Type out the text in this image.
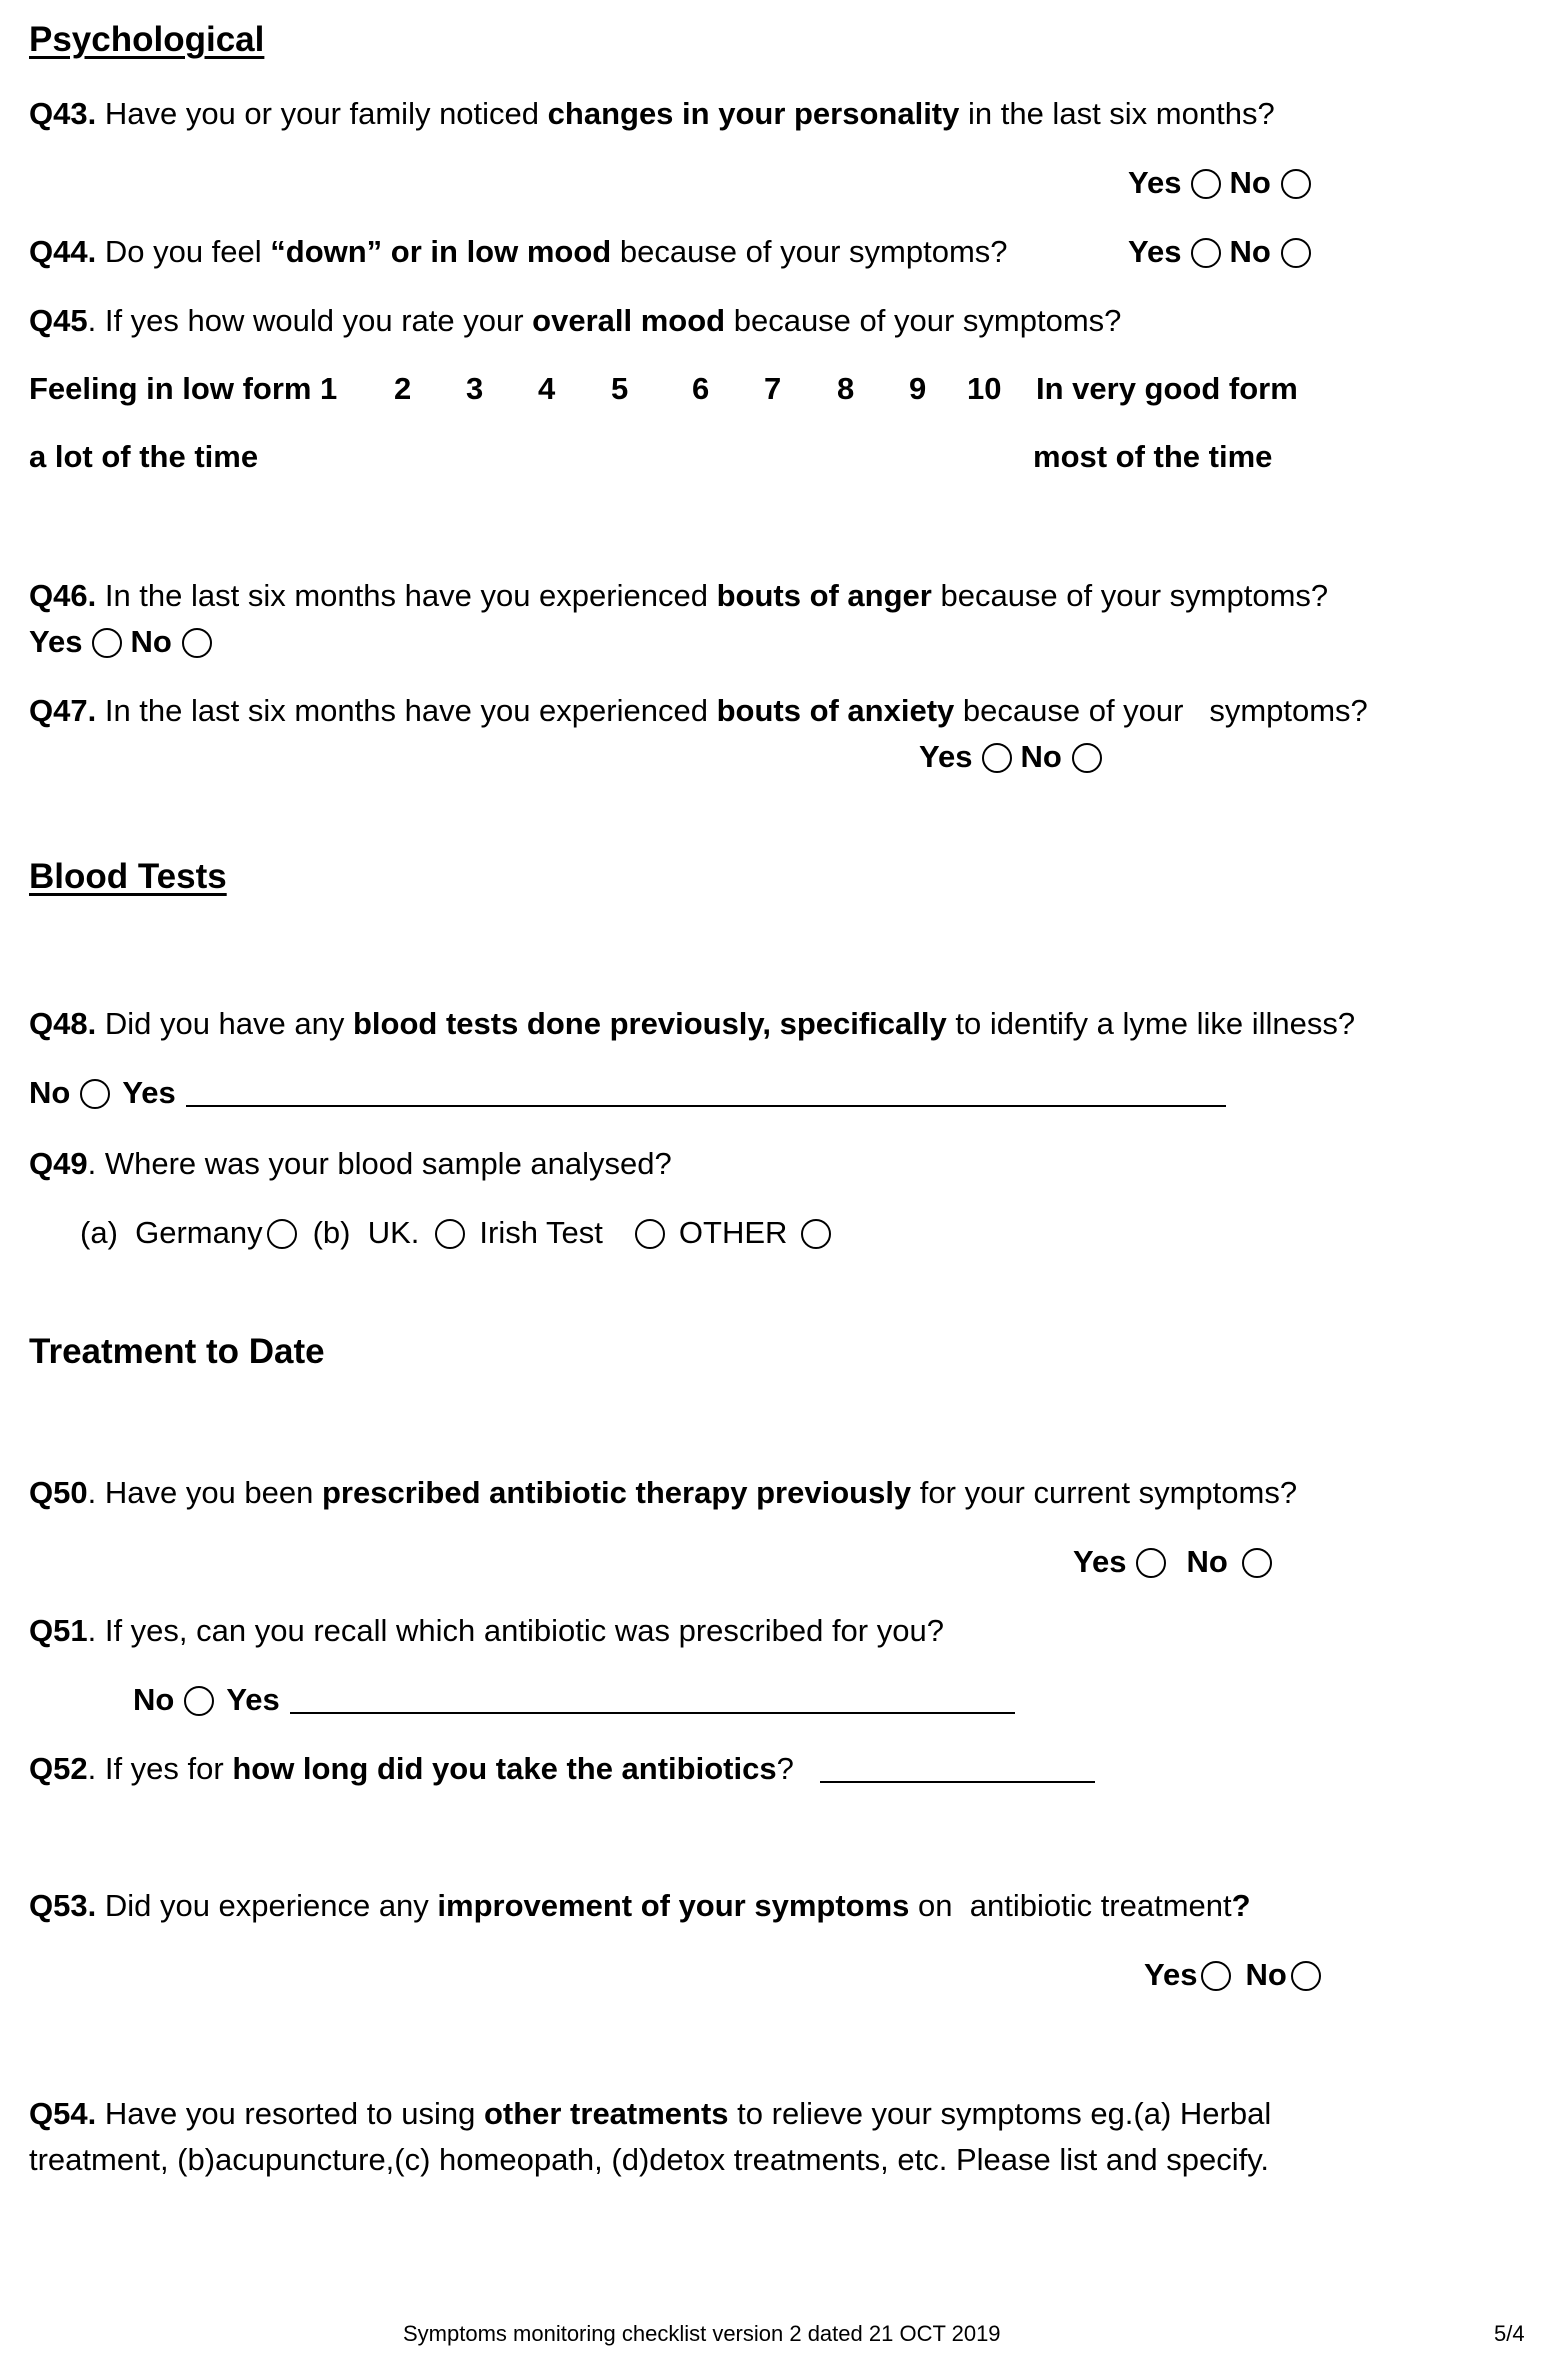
Psychological
Q43. Have you or your family noticed changes in your personality in the last six months?
Yes No
Q44. Do you feel “down” or in low mood because of your symptoms?	Yes No
Q45. If yes how would you rate your overall mood because of your symptoms?
Feeling in low form
a lot of the time
In very good form
most of the time
1 2 3 4 5 6 7 8 9 10
Q46. In the last six months have you experienced bouts of anger because of your symptoms?
Yes No
Q47. In the last six months have you experienced bouts of anxiety because of your   symptoms?
Yes No
Blood Tests
Q48. Did you have any blood tests done previously, specifically to identify a lyme like illness?
No Yes
Q49. Where was your blood sample analysed?
(a)  Germany (b)  UK. Irish Test OTHER
Treatment to Date
Q50. Have you been prescribed antibiotic therapy previously for your current symptoms?
Yes No
Q51. If yes, can you recall which antibiotic was prescribed for you?
No Yes
Q52. If yes for how long did you take the antibiotics?
Q53. Did you experience any improvement of your symptoms on  antibiotic treatment?
Yes No
Q54. Have you resorted to using other treatments to relieve your symptoms eg.(a) Herbal
treatment, (b)acupuncture,(c) homeopath, (d)detox treatments, etc. Please list and specify.
Symptoms monitoring checklist version 2 dated 21 OCT 2019	5/4
